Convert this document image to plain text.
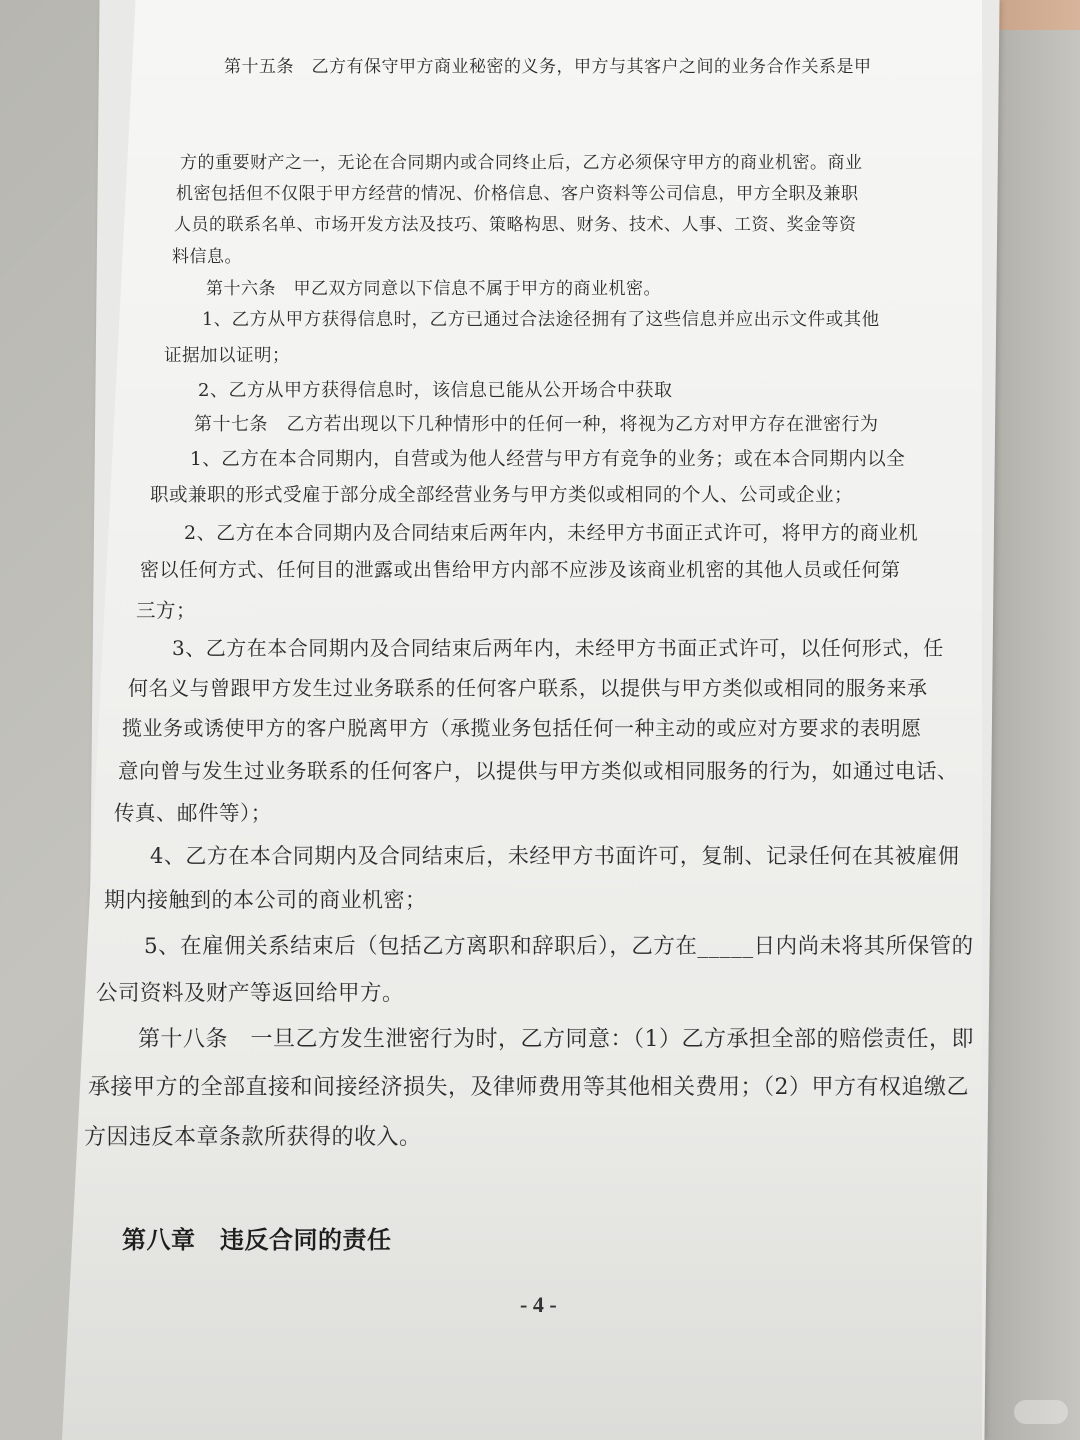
第十五条　乙方有保守甲方商业秘密的义务，甲方与其客户之间的业务合作关系是甲
方的重要财产之一，无论在合同期内或合同终止后，乙方必须保守甲方的商业机密。商业
机密包括但不仅限于甲方经营的情况、价格信息、客户资料等公司信息，甲方全职及兼职
人员的联系名单、市场开发方法及技巧、策略构思、财务、技术、人事、工资、奖金等资
料信息。
第十六条　甲乙双方同意以下信息不属于甲方的商业机密。
1、乙方从甲方获得信息时，乙方已通过合法途径拥有了这些信息并应出示文件或其他
证据加以证明；
2、乙方从甲方获得信息时，该信息已能从公开场合中获取
第十七条　乙方若出现以下几种情形中的任何一种，将视为乙方对甲方存在泄密行为
1、乙方在本合同期内，自营或为他人经营与甲方有竞争的业务；或在本合同期内以全
职或兼职的形式受雇于部分成全部经营业务与甲方类似或相同的个人、公司或企业；
2、乙方在本合同期内及合同结束后两年内，未经甲方书面正式许可，将甲方的商业机
密以任何方式、任何目的泄露或出售给甲方内部不应涉及该商业机密的其他人员或任何第
三方；
3、乙方在本合同期内及合同结束后两年内，未经甲方书面正式许可，以任何形式，任
何名义与曾跟甲方发生过业务联系的任何客户联系，以提供与甲方类似或相同的服务来承
揽业务或诱使甲方的客户脱离甲方（承揽业务包括任何一种主动的或应对方要求的表明愿
意向曾与发生过业务联系的任何客户，以提供与甲方类似或相同服务的行为，如通过电话、
传真、邮件等）；
4、乙方在本合同期内及合同结束后，未经甲方书面许可，复制、记录任何在其被雇佣
期内接触到的本公司的商业机密；
5、在雇佣关系结束后（包括乙方离职和辞职后），乙方在_____日内尚未将其所保管的
公司资料及财产等返回给甲方。
第十八条　一旦乙方发生泄密行为时，乙方同意：（1）乙方承担全部的赔偿责任，即
承接甲方的全部直接和间接经济损失，及律师费用等其他相关费用；（2）甲方有权追缴乙
方因违反本章条款所获得的收入。
第八章　违反合同的责任
- 4 -
